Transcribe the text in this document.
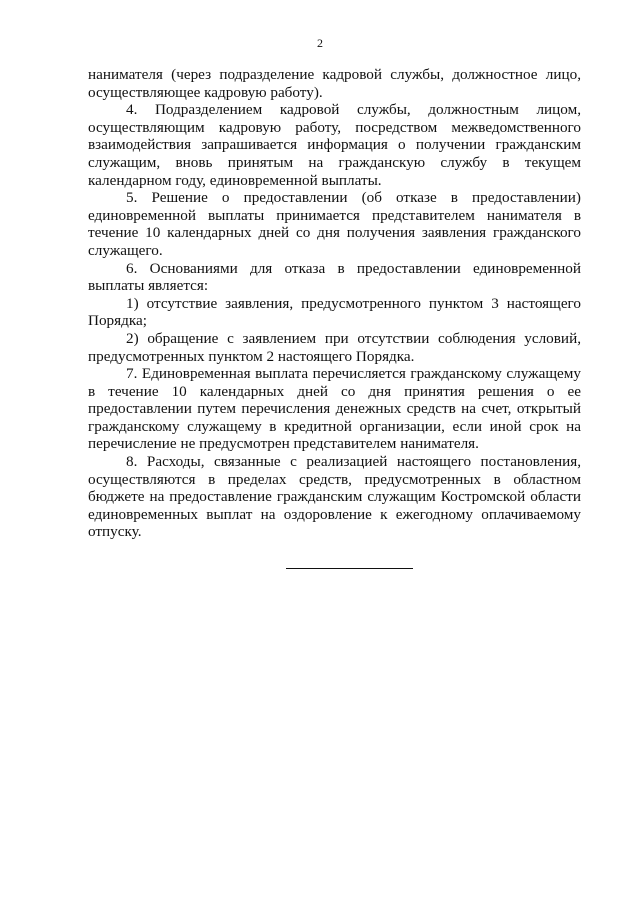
2

нанимателя (через подразделение кадровой службы, должностное лицо, осуществляющее кадровую работу).

4. Подразделением кадровой службы, должностным лицом, осуществляющим кадровую работу, посредством межведомственного взаимодействия запрашивается информация о получении гражданским служащим, вновь принятым на гражданскую службу в текущем календарном году, единовременной выплаты.

5. Решение о предоставлении (об отказе в предоставлении) единовременной выплаты принимается представителем нанимателя в течение 10 календарных дней со дня получения заявления гражданского служащего.

6. Основаниями для отказа в предоставлении единовременной выплаты является:

1) отсутствие заявления, предусмотренного пунктом 3 настоящего Порядка;

2) обращение с заявлением при отсутствии соблюдения условий, предусмотренных пунктом 2 настоящего Порядка.

7. Единовременная выплата перечисляется гражданскому служащему в течение 10 календарных дней со дня принятия решения о ее предоставлении путем перечисления денежных средств на счет, открытый гражданскому служащему в кредитной организации, если иной срок на перечисление не предусмотрен представителем нанимателя.

8. Расходы, связанные с реализацией настоящего постановления, осуществляются в пределах средств, предусмотренных в областном бюджете на предоставление гражданским служащим Костромской области единовременных выплат на оздоровление к ежегодному оплачиваемому отпуску.
